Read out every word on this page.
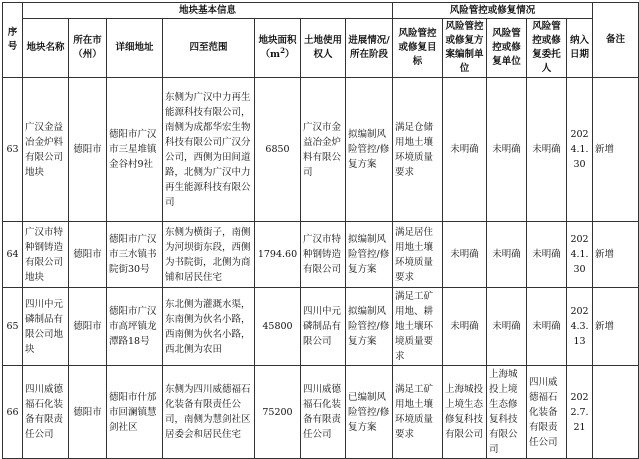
序号	地块基本信息							风险管控或修复情况					备注
	地块名称	所在市（州）	详细地址	四至范围	地块面积$(m^2)$	土地使用权人	进展情况/所在阶段	风险管控或修复目标	风险管控或修复方案编制单位	风险管控或修复单位	风险管控或修复委托人	纳入日期	
63	广汉金益冶金炉料有限公司地块	德阳市	德阳市广汉市三星堆镇金谷村9社	东侧为广汉中力再生能源科技有限公司，南侧为成都华宏生物科技有限公司广汉分公司，西侧为田间道路，北侧为广汉中力再生能源科技有限公司	6850	广汉市金益冶金炉料有限公司	拟编制风险管控/修复方案	满足仓储用地土壤环境质量要求	未明确	未明确	未明确	2024.1.30	新增
64	广汉市特种钢铸造有限公司地块	德阳市	德阳市广汉市三水镇书院街30号	东侧为横街子，南侧为河坝街东段，西侧为书院街，北侧为商铺和居民住宅	1794.60	广汉市特种钢铸造有限公司	拟编制风险管控/修复方案	满足居住用地土壤环境质量要求	未明确	未明确	未明确	2024.1.30	新增
65	四川中元磷制品有限公司地块	德阳市	德阳市广汉市高坪镇龙潭路18号	东北侧为灌溉水渠，东南侧为伙名小路，西南侧为伙名小路，西北侧为农田	45800	四川中元磷制品有限公司	拟编制风险管控/修复方案	满足工矿用地、耕地土壤环境质量要求	未明确	未明确	未明确	2024.3.13	新增
66	四川威德福石化装备有限责任公司	德阳市	德阳市什邡市回澜镇慧剑社区	东侧为四川威德福石化装备有限责任公司，南侧为慧剑社区居委会和居民住宅	75200	四川威德福石化装备有限责任公司	已编制风险管控/修复方案	满足工矿用地土壤环境质量要求	上海城投上境生态修复科技有限公司	上海城投上境生态修复科技有限公司	四川威德福石化装备有限责任公司	2022.7.21	
